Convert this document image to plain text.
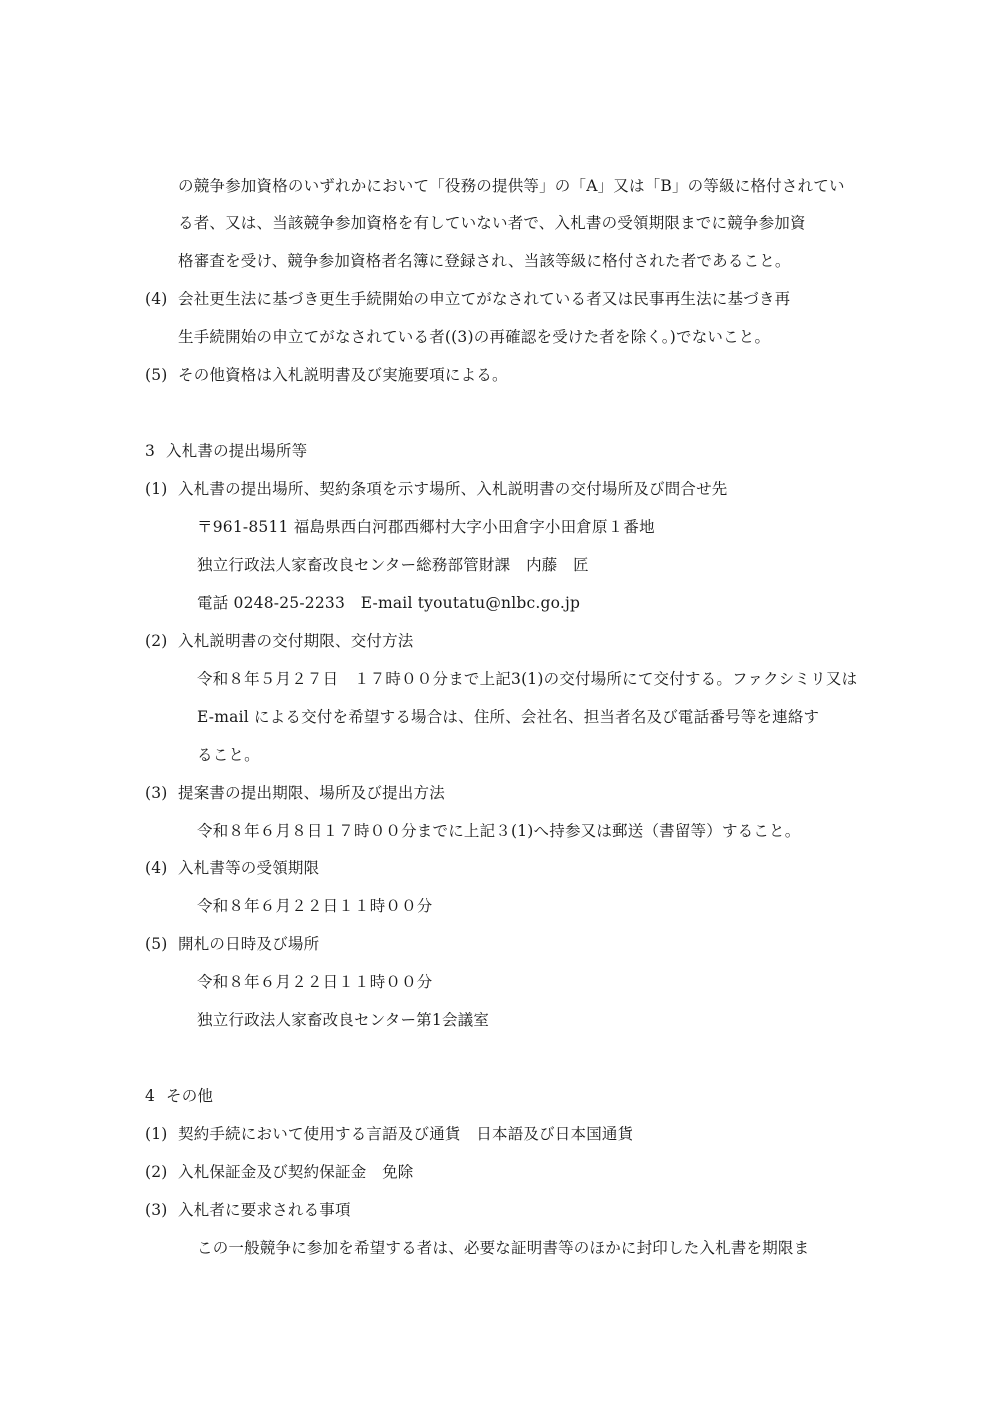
の競争参加資格のいずれかにおいて「役務の提供等」の「A」又は「B」の等級に格付されてい
る者、又は、当該競争参加資格を有していない者で、入札書の受領期限までに競争参加資
格審査を受け、競争参加資格者名簿に登録され、当該等級に格付された者であること。
(4) 会社更生法に基づき更生手続開始の申立てがなされている者又は民事再生法に基づき再
生手続開始の申立てがなされている者((3)の再確認を受けた者を除く。)でないこと。
(5) その他資格は入札説明書及び実施要項による。
3 入札書の提出場所等
(1) 入札書の提出場所、契約条項を示す場所、入札説明書の交付場所及び問合せ先
〒961-8511 福島県西白河郡西郷村大字小田倉字小田倉原１番地
独立行政法人家畜改良センター総務部管財課　内藤　匠
電話 0248-25-2233　E-mail tyoutatu@nlbc.go.jp
(2) 入札説明書の交付期限、交付方法
令和８年５月２７日　１７時００分まで上記3(1)の交付場所にて交付する。ファクシミリ又は
E-mail による交付を希望する場合は、住所、会社名、担当者名及び電話番号等を連絡す
ること。
(3) 提案書の提出期限、場所及び提出方法
令和８年６月８日１７時００分までに上記３(1)へ持参又は郵送（書留等）すること。
(4) 入札書等の受領期限
令和８年６月２２日１１時００分
(5) 開札の日時及び場所
令和８年６月２２日１１時００分
独立行政法人家畜改良センター第1会議室
4 その他
(1) 契約手続において使用する言語及び通貨　日本語及び日本国通貨
(2) 入札保証金及び契約保証金　免除
(3) 入札者に要求される事項
この一般競争に参加を希望する者は、必要な証明書等のほかに封印した入札書を期限ま
